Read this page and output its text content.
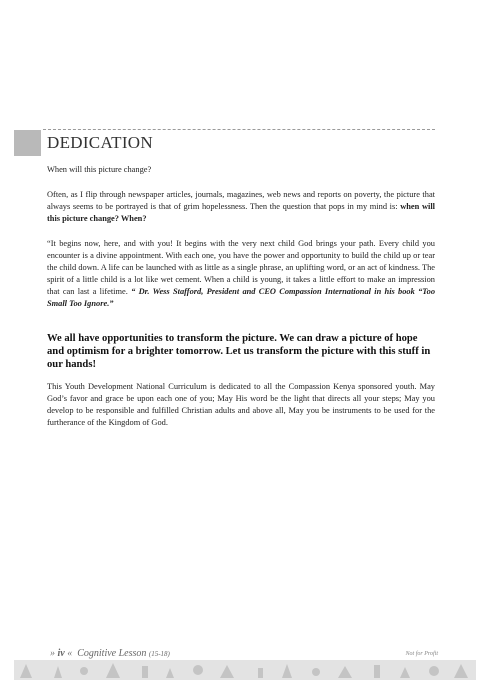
DEDICATION
When will this picture change?
Often, as I flip through newspaper articles, journals, magazines, web news and reports on poverty, the picture that always seems to be portrayed is that of grim hopelessness. Then the question that pops in my mind is: when will this picture change? When?
“It begins now, here, and with you! It begins with the very next child God brings your path. Every child you encounter is a divine appointment. With each one, you have the power and opportunity to build the child up or tear the child down. A life can be launched with as little as a single phrase, an uplifting word, or an act of kindness. The spirit of a little child is a lot like wet cement. When a child is young, it takes a little effort to make an impression that can last a lifetime. “ Dr. Wess Stafford, President and CEO Compassion International in his book “Too Small Too Ignore.”
We all have opportunities to transform the picture. We can draw a picture of hope and optimism for a brighter tomorrow. Let us transform the picture with this stuff in our hands!
This Youth Development National Curriculum is dedicated to all the Compassion Kenya sponsored youth. May God’s favor and grace be upon each one of you; May His word be the light that directs all your steps; May you develop to be responsible and fulfilled Christian adults and above all, May you be instruments to be used for the furtherance of the Kingdom of God.
» iv « Cognitive Lesson (15-18)	Not for Profit
